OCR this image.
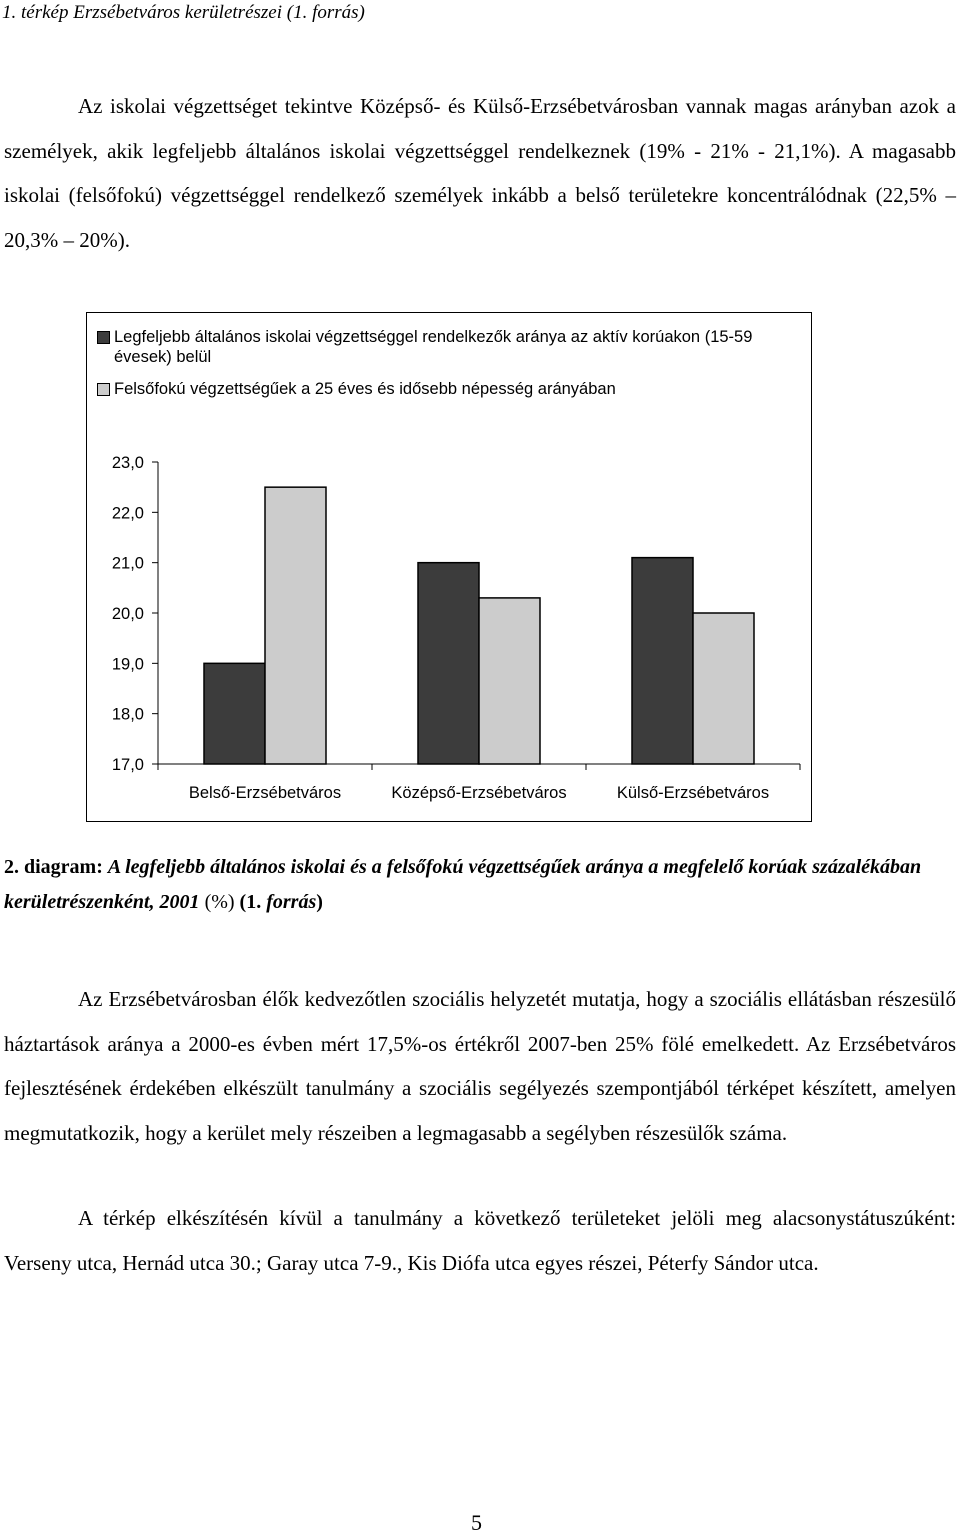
1. térkép Erzsébetváros kerületrészei (1. forrás)

Az iskolai végzettséget tekintve Középső- és Külső-Erzsébetvárosban vannak magas arányban azok a személyek, akik legfeljebb általános iskolai végzettséggel rendelkeznek (19% - 21% - 21,1%). A magasabb iskolai (felsőfokú) végzettséggel rendelkező személyek inkább a belső területekre koncentrálódnak (22,5% – 20,3% – 20%).

Legfeljebb általános iskolai végzettséggel rendelkezők aránya az aktív korúakon (15-59 évesek) belül
Felsőfokú végzettségűek a 25 éves és idősebb népesség arányában
23,0
22,0
21,0
20,0
19,0
18,0
17,0
Belső-Erzsébetváros	Középső-Erzsébetváros	Külső-Erzsébetváros
2. diagram: A legfeljebb általános iskolai és a felsőfokú végzettségűek aránya a megfelelő korúak százalékában kerületrészenként, 2001 (%) (1. forrás)

Az Erzsébetvárosban élők kedvezőtlen szociális helyzetét mutatja, hogy a szociális ellátásban részesülő háztartások aránya a 2000-es évben mért 17,5%-os értékről 2007-ben 25% fölé emelkedett. Az Erzsébetváros fejlesztésének érdekében elkészült tanulmány a szociális segélyezés szempontjából térképet készített, amelyen megmutatkozik, hogy a kerület mely részeiben a legmagasabb a segélyben részesülők száma.

A térkép elkészítésén kívül a tanulmány a következő területeket jelöli meg alacsonystátuszúként: Verseny utca, Hernád utca 30.; Garay utca 7-9., Kis Diófa utca egyes részei, Péterfy Sándor utca.

5
